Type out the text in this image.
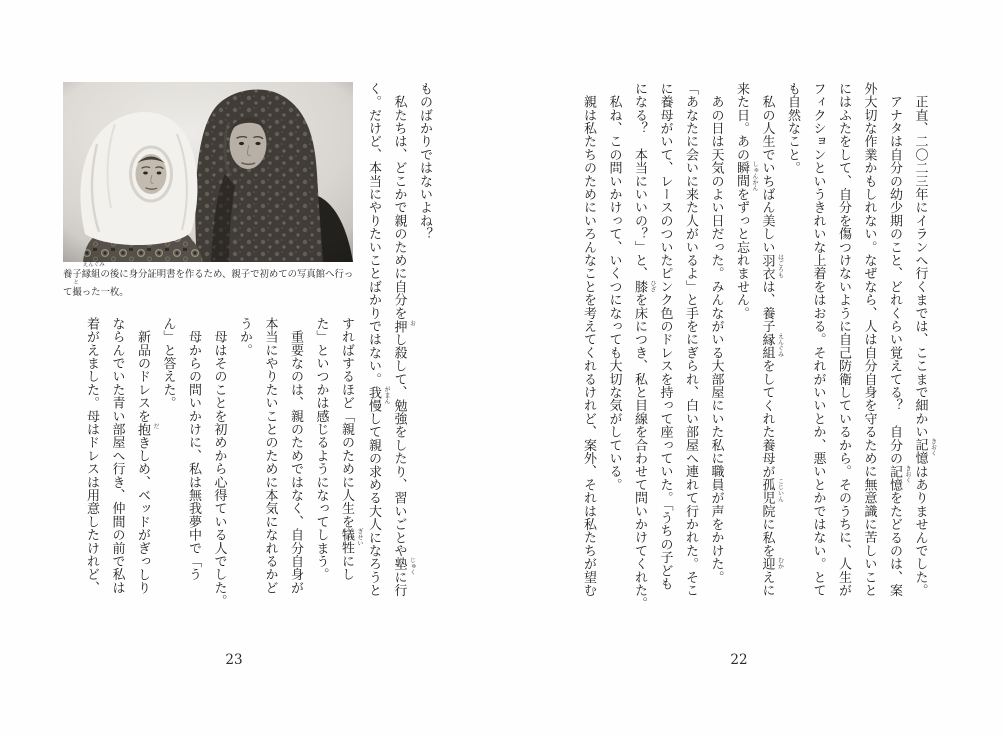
　正直、二〇二三年にイランへ行くまでは、ここまで細かい記憶 きおく
はありませんでした。
　アナタは自分の幼少期のこと、どれくらい覚えてる？　自分の記憶 きおく
をたどるのは、案
外大切な作業かもしれない。なぜなら、人は自分自身を守るために無意識に苦しいこと
にはふたをして、自分を傷つけないように自己防衛しているから。そのうちに、人生が
フィクションというきれいな上着をはおる。それがいいとか、悪いとかではない。とて
も自然なこと。
　私の人生でいちばん美しい羽衣 はごろも
は、養子縁組 えんぐみ
をしてくれた養母が孤児院 こじいん
に私を迎 むか
えに
来た日。あの瞬間 しゅんかん
をずっと忘れません。
　あの日は天気のよい日だった。みんながいる大部屋にいた私に職員が声をかけた。
「あなたに会いに来た人がいるよ」と手をにぎられ、白い部屋へ連れて行かれた。そこ
に養母がいて、レースのついたピンク色のドレスを持って座っていた。「うちの子ども
になる？　本当にいいの？」と、膝 ひざ
を床につき、私と目線を合わせて問いかけてくれた。
　私ね、この問いかけって、いくつになっても大切な気がしている。
　親は私たちのためにいろんなことを考えてくれるけれど、案外、それは私たちが望む
ものばかりではないよね？
　私たちは、どこかで親のために自分を押 お
し殺して、勉強をしたり、習いごとや塾 じゅく
に行
く。だけど、本当にやりたいことばかりではない。我慢 がまん
して親の求める大人になろうと
養子縁組
えんぐみ
の後に身分証明書を作るため、親子で初めての写真館へ行っ
て撮
と
った一枚。
すればするほど「親のために人生を犠牲 ぎせい
にし
た」といつかは感じるようになってしまう。
　重要なのは、親のためではなく、自分自身が
本当にやりたいことのために本気になれるかど
うか。
　母はそのことを初めから心得ている人でした。
　母からの問いかけに、私は無我夢中で「う
ん」と答えた。
　新品のドレスを抱 だ
きしめ、ベッドがぎっしり
ならんでいた青い部屋へ行き、仲間の前で私は
着がえました。母はドレスは用意したけれど、
22
23
